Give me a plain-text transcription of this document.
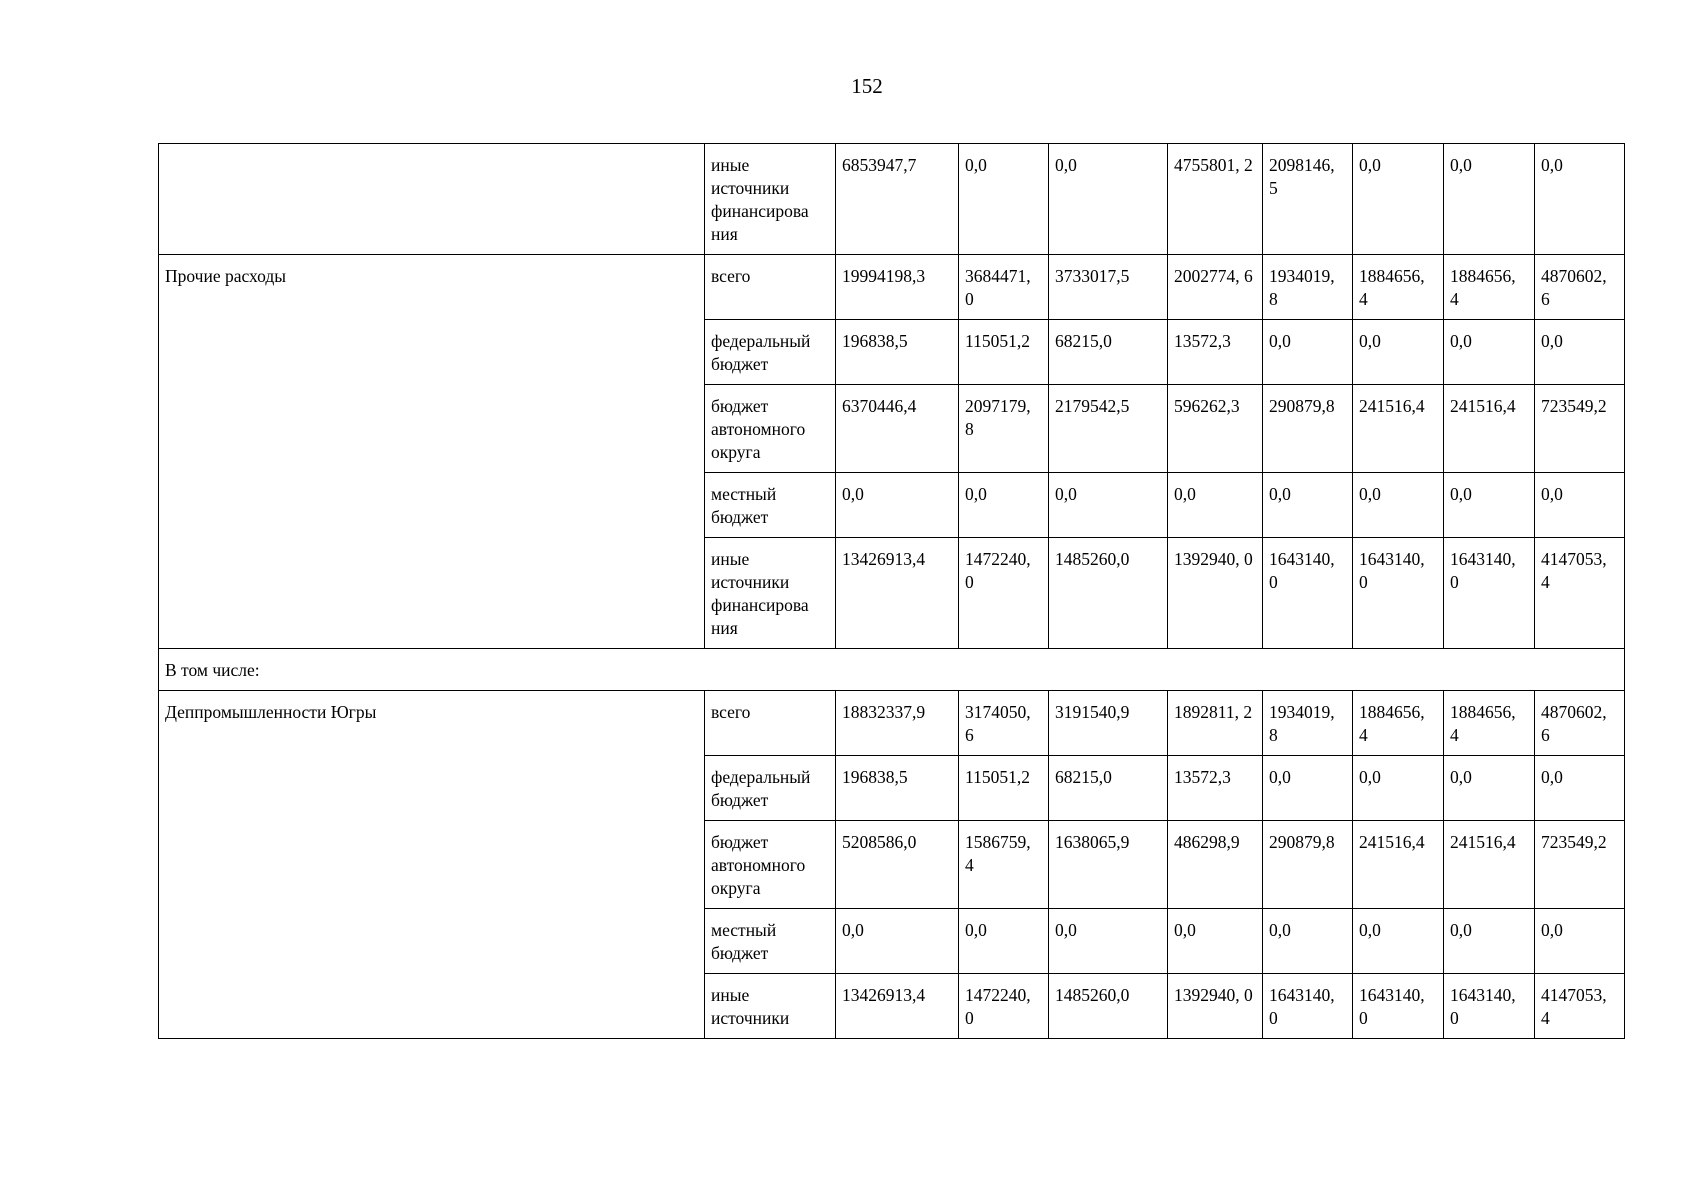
152
	иные источники финансирова ния	6853947,7	0,0	0,0	4755801, 2	2098146, 5	0,0	0,0	0,0
Прочие расходы	всего	19994198,3	3684471, 0	3733017,5	2002774, 6	1934019, 8	1884656, 4	1884656, 4	4870602, 6
	федеральный бюджет	196838,5	115051,2	68215,0	13572,3	0,0	0,0	0,0	0,0
	бюджет автономного округа	6370446,4	2097179, 8	2179542,5	596262,3	290879,8	241516,4	241516,4	723549,2
	местный бюджет	0,0	0,0	0,0	0,0	0,0	0,0	0,0	0,0
	иные источники финансирова ния	13426913,4	1472240, 0	1485260,0	1392940, 0	1643140, 0	1643140, 0	1643140, 0	4147053, 4
В том числе:									
Деппромышленности Югры	всего	18832337,9	3174050, 6	3191540,9	1892811, 2	1934019, 8	1884656, 4	1884656, 4	4870602, 6
	федеральный бюджет	196838,5	115051,2	68215,0	13572,3	0,0	0,0	0,0	0,0
	бюджет автономного округа	5208586,0	1586759, 4	1638065,9	486298,9	290879,8	241516,4	241516,4	723549,2
	местный бюджет	0,0	0,0	0,0	0,0	0,0	0,0	0,0	0,0
	иные источники	13426913,4	1472240, 0	1485260,0	1392940, 0	1643140, 0	1643140, 0	1643140, 0	4147053, 4
